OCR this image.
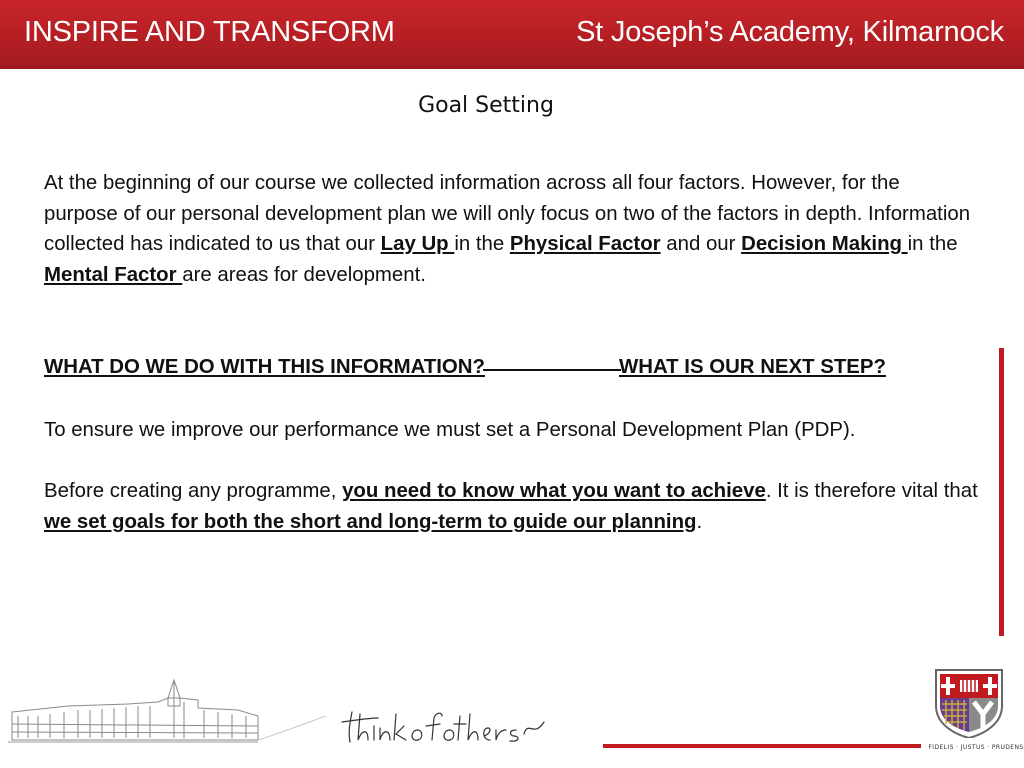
INSPIRE AND TRANSFORM	St Joseph’s Academy, Kilmarnock
Goal Setting
At the beginning of our course we collected information across all four factors. However, for the purpose of our personal development plan we will only focus on two of the factors in depth. Information collected has indicated to us that our Lay Up in the Physical Factor and our Decision Making in the Mental Factor are areas for development.
WHAT DO WE DO WITH THIS INFORMATION?	WHAT IS OUR NEXT STEP?
To ensure we improve our performance we must set a Personal Development Plan (PDP).
Before creating any programme, you need to know what you want to achieve. It is therefore vital that we set goals for both the short and long-term to guide our planning.
FIDELIS · JUSTUS · PRUDENS
